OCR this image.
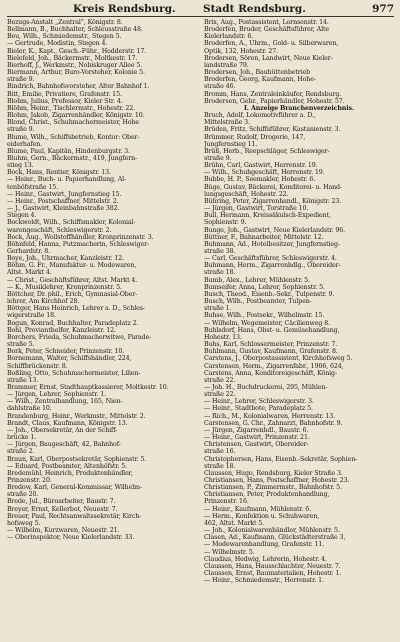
Kreis Rendsburg.	Stadt Rendsburg.	977
Bezugs-Anstalt „Zentral“, Königstr. 8.
Bellmann, B., Buchhalter, Schleusstraße 48.
Beu, Wilh., Schmiedemstr., Stegen 5.
— Gertrude, Modistin, Stegen 4.
Bieler, K., Kapt., Gesch.-Führ., Hodderstr. 17.
Bielefeld, Joh., Bäckermstr., Moltkestr. 17.
Bierhoff, J., Werkmstr., Nobiskruger Allee 5.
Biermann, Arthur, Buro-Vorsteher, Kolonie 5.
straße 9.
Bindrich, Bahnhofsvorsteher, Alter Bahnhof 1.
Bitt, Emilie, Privatiere, Grafenstr. 15.
Blohm, Julius, Professor, Kieler Str. 4.
Blöhm, Heinr., Tischlermstr., Hohestr. 22.
Blohm, Jakob, Zigarrenhändler, Königstr. 10.
Blond, Christ., Schuhmachermeister, Hohe
straße 9.
Blume, Wilh., Schiffsbetrieb, Kontor: Ober-
eiderhafen.
Blume, Paul, Kapitän, Hindenburgstr. 3.
Bluhm, Gern., Bäckermstr., 419, Jungfern-
stieg 13.
Bock, Hans, Rentier, Königstr. 13.
— Heinr., Buch- u. Papierhandlung, Al-
tenhöfstraße 15.
— Heinr., Gastwirt, Jungfernstieg 15.
— Heinr., Postschaffner, Mittelstr. 2.
— J., Gastwirt, Kleinbahnstraße 382.
Stegen 4.
Bockwoldt, Wilh., Schiffsmakler, Kolonial-
warengeschäft, Schleswigerstr. 2.
Bock, Aug., Wollstoffhändler, Kronprinzenstr. 3.
Böhnfeld, Hanna, Putzmacherin, Schleswiger-
Gerhardstr. 8.
Boye, Joh., Uhrmacher, Kanzleistr. 12.
Böhm, G. Fr., Manufaktur- u. Modewaren,
Altst. Markt 4.
— Christ., Geschäftsführer, Altst. Markt 4.
— K., Musiklehrer, Kronprinzenstr. 5.
Böttcher, Dr. phil., Erich, Gymnasial-Ober-
lehrer, Am Kirchhof 28.
Böttger, Hans Heinrich, Lehrer a. D., Schles-
wigerstraße 18.
Bogun, Konrad, Buchhalter, Paradeplatz 2.
Bohl, Provianthelfer, Kanzleistr. 12.
Borchers, Frieda, Schuhmacherwitwe, Parade-
straße 5.
Bork, Peter, Schneider, Prinzenstr. 10.
Bornemann, Walter, Schiffshändler, 224,
Schiffbrückenstr. 8.
Boßling, Otto, Schuhmachermeister, Lilien-
straße 13.
Brammer, Ernst, Stadthauptkassierer, Moltkestr. 10.
— Jürgen, Lehrer, Sophienstr. 1.
— Wilh., Zentralhandlung, 165, Nien-
dahlstraße 10.
Brandenburg, Heinr., Werkmstr., Mittelstr. 2.
Brandt, Claus, Kaufmann, Königstr. 13.
— Joh., Obersekretär, An der Schiff-
brücke 1.
— Jürgen, Baugeschäft, 42, Bahnhof-
straße 2.
Braun, Karl, Oberpostsekretär, Sophienstr. 5.
— Eduard, Postbeamter, Altenhöfstr. 5.
Bredemühl, Heinrich, Produktenhändler,
Prinzenstr. 20.
Bredow, Karl, General-Kommissar, Wilhelm-
straße 20.
Brede, Jul., Büroarbeiter, Baustr. 7.
Breyer, Ernst, Kellerbot, Neuestr. 7.
Breuer, Paul, Rechtsanwaltssekretär, Kirch-
hofsweg 5.
— Wilhelm, Kurzwaren, Neuestr. 21.
— Oberinspektor, Neue Kielerlandstr. 33.
Brix, Aug., Postassistent, Lornsenstr. 14.
Broderfen, Bruder, Geschäftsführer, Alte
Kielerlandstr. 6.
Broderfen, A., Uhrm., Gold- u. Silberwaren,
Optik, 132, Hohestr. 27.
Brodersen, Sören, Landwirt, Neue Kieler-
landstraße 79.
Brodersen, Joh., Bauhüttenbetrieb
Broderfen, Georg, Kaufmann, Hohe-
straße 46.
Bromm, Hans, Zentraleinkäufer, Rendsburg.
Brodersen, Gebr., Papierhändler, Hohestr. 57.
I. Anzeige Branchenverzeichnis.
Bruch, Adolf, Lokomotivführer a. D.,
Mittelstraße 3.
Brüden, Fritz, Schiffsführer, Kastanienstr. 3.
Brümmer, Rudolf, Drogerie, 147,
Jungfernstieg 11.
Brüß, Herb., Reepschläger, Schleswiger-
straße 9.
Brühn, Carl, Gastwirt, Herrenstr. 19.
— Wilh., Schuhgeschäft, Herrenstr. 19.
Bubbe, H. P., Seemakler, Hohestr. 6.
Büge, Gustav, Bäckerei, Konditorei- u. Hand-
lungsgeschäft, Hohestr. 22.
Bühring, Peter, Zigarrenhandl., Königstr. 23.
— Jürgen, Gastwirt, Torstraße 10.
Bull, Hermann, Kreissäkulsch-Expedient,
Sophienstr. 9.
Bunge, Joh., Gastwirt, Neue Kielerlandstr. 96.
Büttner, F., Bahnarbeiter, Mittelstr. 12.
Buhmann, Ad., Hotelbesitzer, Jungfernstieg-
straße 38.
— Carl, Geschäftsführer, Schleswigerstr. 4.
Buhmann, Herm., Zigarrenhdlg., Obereider-
straße 18.
Bumb, Alex., Lehrer, Mühlenstr. 5.
Bumseifer, Anna, Lehrer, Sophienstr. 5.
Busch, Theod., Eisenb.-Sekr., Tulpenstr. 9.
Busch, Wilh., Postbeamter, Tulpen-
straße 1.
Buhse, Wilh., Postsekr., Wilhelmstr. 15.
— Wilhelm, Wegemeister, Cäcilienweg 8.
Buhlsdorf, Hans, Obst- u. Gemüsehandlung,
Hohestr. 13.
Buhs, Karl, Schlossermeister, Prinzenstr. 7.
Buhlmann, Gustav, Kaufmann, Grafenstr. 8.
Carstens, J., Oberpostassistent, Kirchhofsweg 5.
Carstensen, Herm., Zigarrenfabr., 1906, 624,
Carstens, Anna, Konditoreigeschäft, König-
straße 22.
— Joh. H., Buchdruckerei, 295, Mühlen-
straße 22.
— Heinr., Lehrer, Schleswigerstr. 3.
— Heinr., Stadtbote, Paradeplatz 5.
— Rich., M., Kolonialwaren, Herrenstr. 13.
Carstensen, G. Chr., Zahnarzt, Bahnhofstr. 9.
— Jürgen, Zigarrenhdl., Baustr. 6.
— Heinr., Gastwirt, Prinzenstr. 21.
Christensen, Gastwirt, Obereider-
straße 16.
Christophersen, Hans, Eisenb.-Sekretär, Sophien-
straße 18.
Claussen, Hugo, Rendsburg, Kieler Straße 3.
Christiansen, Hans, Postschaffner, Hohestr. 23.
Christiansen, P., Zimmermstr., Bahnhofstr. 5.
Christiansen, Peter, Produktenhandlung,
Prinzenstr. 16.
— Heinr., Kaufmann, Mühlenstr. 6.
— Herm., Konfektion u. Schuhwaren,
462, Altst. Markt 5.
— Joh., Kolonialwarenhändler, Mühlenstr. 5.
Clasen, Ad., Kaufmann, Glückstädterstraße 3,
— Modewarenhandlung, Grafenstr. 11.
— Wilhelmstr. 5.
Claudius, Hedwig, Lehrerin, Hohestr. 4.
Claussen, Hans, Hausschlachter, Neuestr. 7.
Claussen, Ernst, Baumaterialien, Hohestr. 1.
— Heinr., Schmiedemstr., Herrenstr. 1.
